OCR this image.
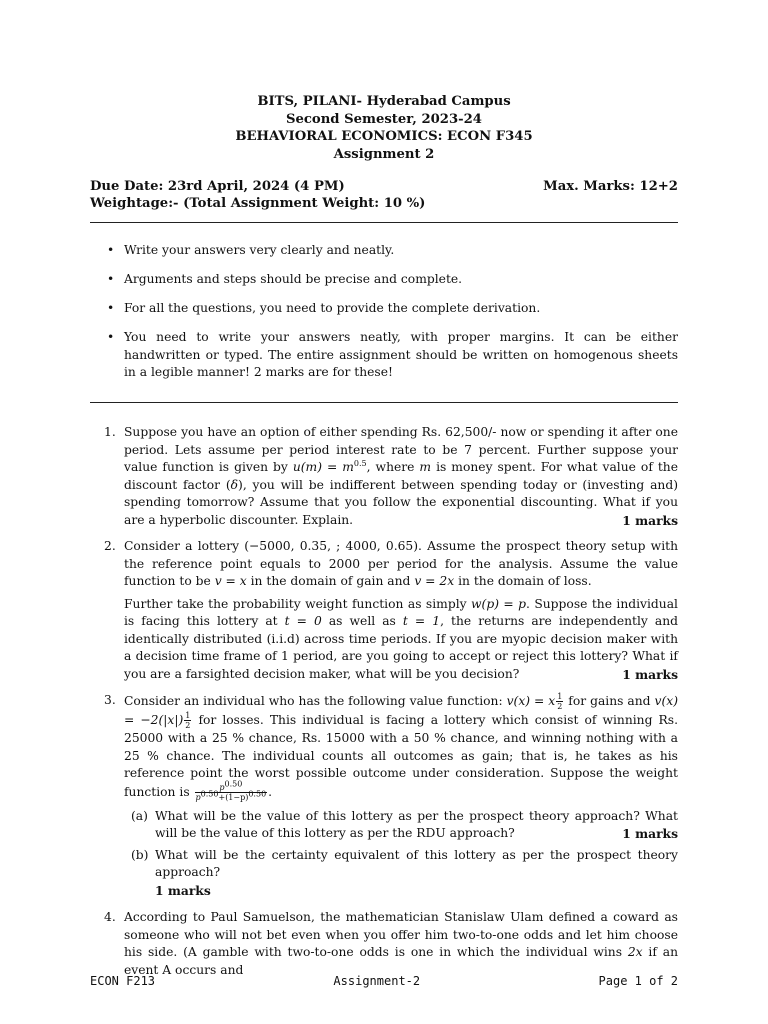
BITS, PILANI- Hyderabad Campus
Second Semester, 2023-24
BEHAVIORAL ECONOMICS: ECON F345
Assignment 2
Due Date: 23rd April, 2024 (4 PM)	Max. Marks: 12+2
Weightage:- (Total Assignment Weight: 10 %)
• Write your answers very clearly and neatly.
• Arguments and steps should be precise and complete.
• For all the questions, you need to provide the complete derivation.
• You need to write your answers neatly, with proper margins. It can be either handwritten or typed. The entire assignment should be written on homogenous sheets in a legible manner! 2 marks are for these!
1. Suppose you have an option of either spending Rs. 62,500/- now or spending it after one period. Lets assume per period interest rate to be 7 percent. Further suppose your value function is given by $u(m) = m^{0.5}$, where m is money spent. For what value of the discount factor (δ), you will be indifferent between spending today or (investing and) spending tomorrow? Assume that you follow the exponential discounting. What if you are a hyperbolic discounter. Explain.	1 marks

2. Consider a lottery (−5000, 0.35, ; 4000, 0.65). Assume the prospect theory setup with the reference point equals to 2000 per period for the analysis. Assume the value function to be v = x in the domain of gain and v = 2x in the domain of loss.

Further take the probability weight function as simply w(p) = p. Suppose the individual is facing this lottery at t = 0 as well as t = 1, the returns are independently and identically distributed (i.i.d) across time periods. If you are myopic decision maker with a decision time frame of 1 period, are you going to accept or reject this lottery? What if you are a farsighted decision maker, what will be you decision?	1 marks

3. Consider an individual who has the following value function: v(x) = x $\frac{1}{2}$ for gains and $v(x) = -2(|x|) \frac{1}{2}$ for losses. This individual is facing a lottery which consist of winning Rs. 25000 with a 25 % chance, Rs. 15000 with a 50 % chance, and winning nothing with a 25 % chance. The individual counts all outcomes as gain; that is, he takes as his reference point the worst possible outcome under consideration. Suppose the weight function is $\frac{p^{0.50}}{p^{0.50}+(1-p)^{0.50}}$ .

(a) What will be the value of this lottery as per the prospect theory approach? What will be the value of this lottery as per the RDU approach?	1 marks
(b) What will be the certainty equivalent of this lottery as per the prospect theory approach?
1 marks
4. According to Paul Samuelson, the mathematician Stanislaw Ulam defined a coward as someone who will not bet even when you offer him two-to-one odds and let him choose his side. (A gamble with two-to-one odds is one in which the individual wins 2x if an event A occurs and

ECON F213	Assignment-2	Page 1 of 2
